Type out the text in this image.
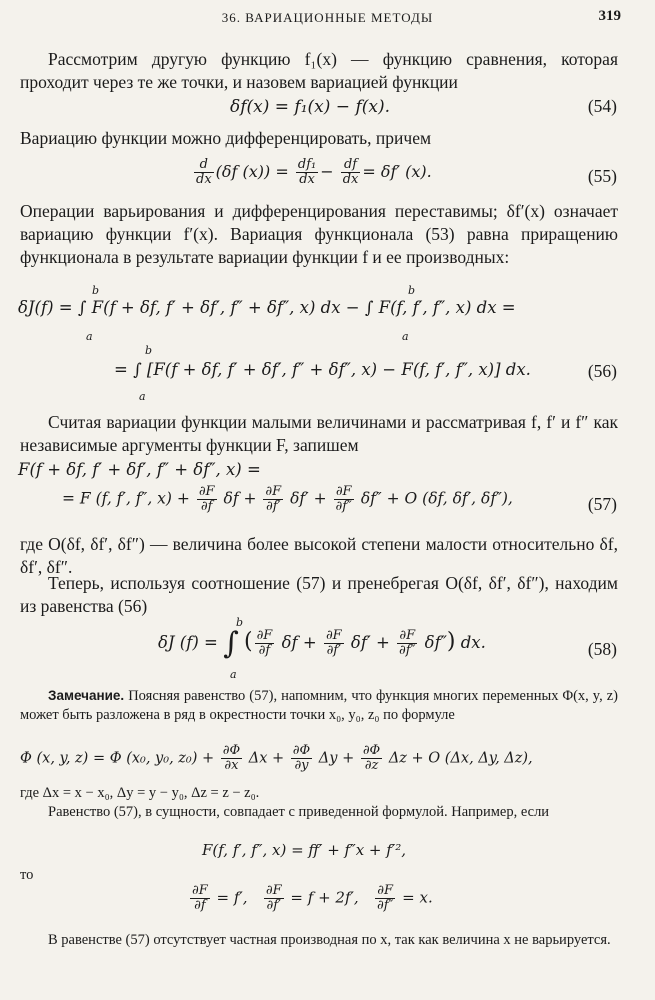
36. ВАРИАЦИОННЫЕ МЕТОДЫ	319
Рассмотрим другую функцию f₁(x) — функцию сравнения, которая проходит через те же точки, и назовем вариацией функции
δf(x) = f₁(x) − f(x).	(54)
Вариацию функции можно дифференцировать, причем
$\frac{d}{dx} (\delta f$ $(x)) = \frac{\text{df₁}}{dx} - \frac{df}{dx} = \delta f'$ (x).	(55)
Операции варьирования и дифференцирования переставимы; δf′(x) означает вариацию функции f′(x). Вариация функционала (53) равна приращению функционала в результате вариации функции f и ее производных:
δJ(f) = ∫ F(f + δf, f′ + δf′, f″ + δf″, x) dx − ∫ F(f, f′, f″, x) dx =
b
a
b
a
= ∫ [F(f + δf, f′ + δf′, f″ + δf″, x) − F(f, f′, f″, x)] dx.
b
a
(56)
Считая вариации функции малыми величинами и рассматривая f, f′ и f″ как независимые аргументы функции F, запишем
F(f + δf, f′ + δf′, f″ + δf″, x) =
= F (f, f′, f″, $x) + \frac{\partial F}{\partial f}$ $\delta f + \frac{\partial F}{\partial f'} \delta f' + \frac{\partial F}{\partial f''} \delta f'' + O$ (δf, δf′, δf″),	(57)
где O(δf, δf′, δf″) — величина более высокой степени малости относительно δf, δf′, δf″.
Теперь, используя соотношение (57) и пренебрегая O(δf, δf′, δf″), находим из равенства (56)
δJ (f) = ∫ ( $\frac{\partial F}{\partial f}$ $\delta f + \frac{\partial F}{\partial f'} \delta f' + \frac{\partial F}{\partial f''} \delta f''$) dx.
b
a
(58)
Замечание. Поясняя равенство (57), напомним, что функция многих переменных Φ(x, y, z) может быть разложена в ряд в окрестности точки x₀, y₀, z₀ по формуле
Φ (x, y, z) = Φ (x₀, y₀, $z_0) + \frac{\partial\Phi}{\partial x}$ $\Delta x + \frac{\partial\Phi}{\partial y}$ $\Delta y + \frac{\partial\Phi}{\partial z}$ Δz + O (Δx, Δy, Δz),
где Δx = x − x₀, Δy = y − y₀, Δz = z − z₀.
Равенство (57), в сущности, совпадает с приведенной формулой. Например, если
F(f, f′, f″, x) = ff′ + f″x + f′²,
то
$\frac{\partial F}{\partial f} = f'$, $\frac{\partial F}{\partial f'} = f + 2f'$, $\frac{\partial F}{\partial f''} = x$.
В равенстве (57) отсутствует частная производная по x, так как величина x не варьируется.
